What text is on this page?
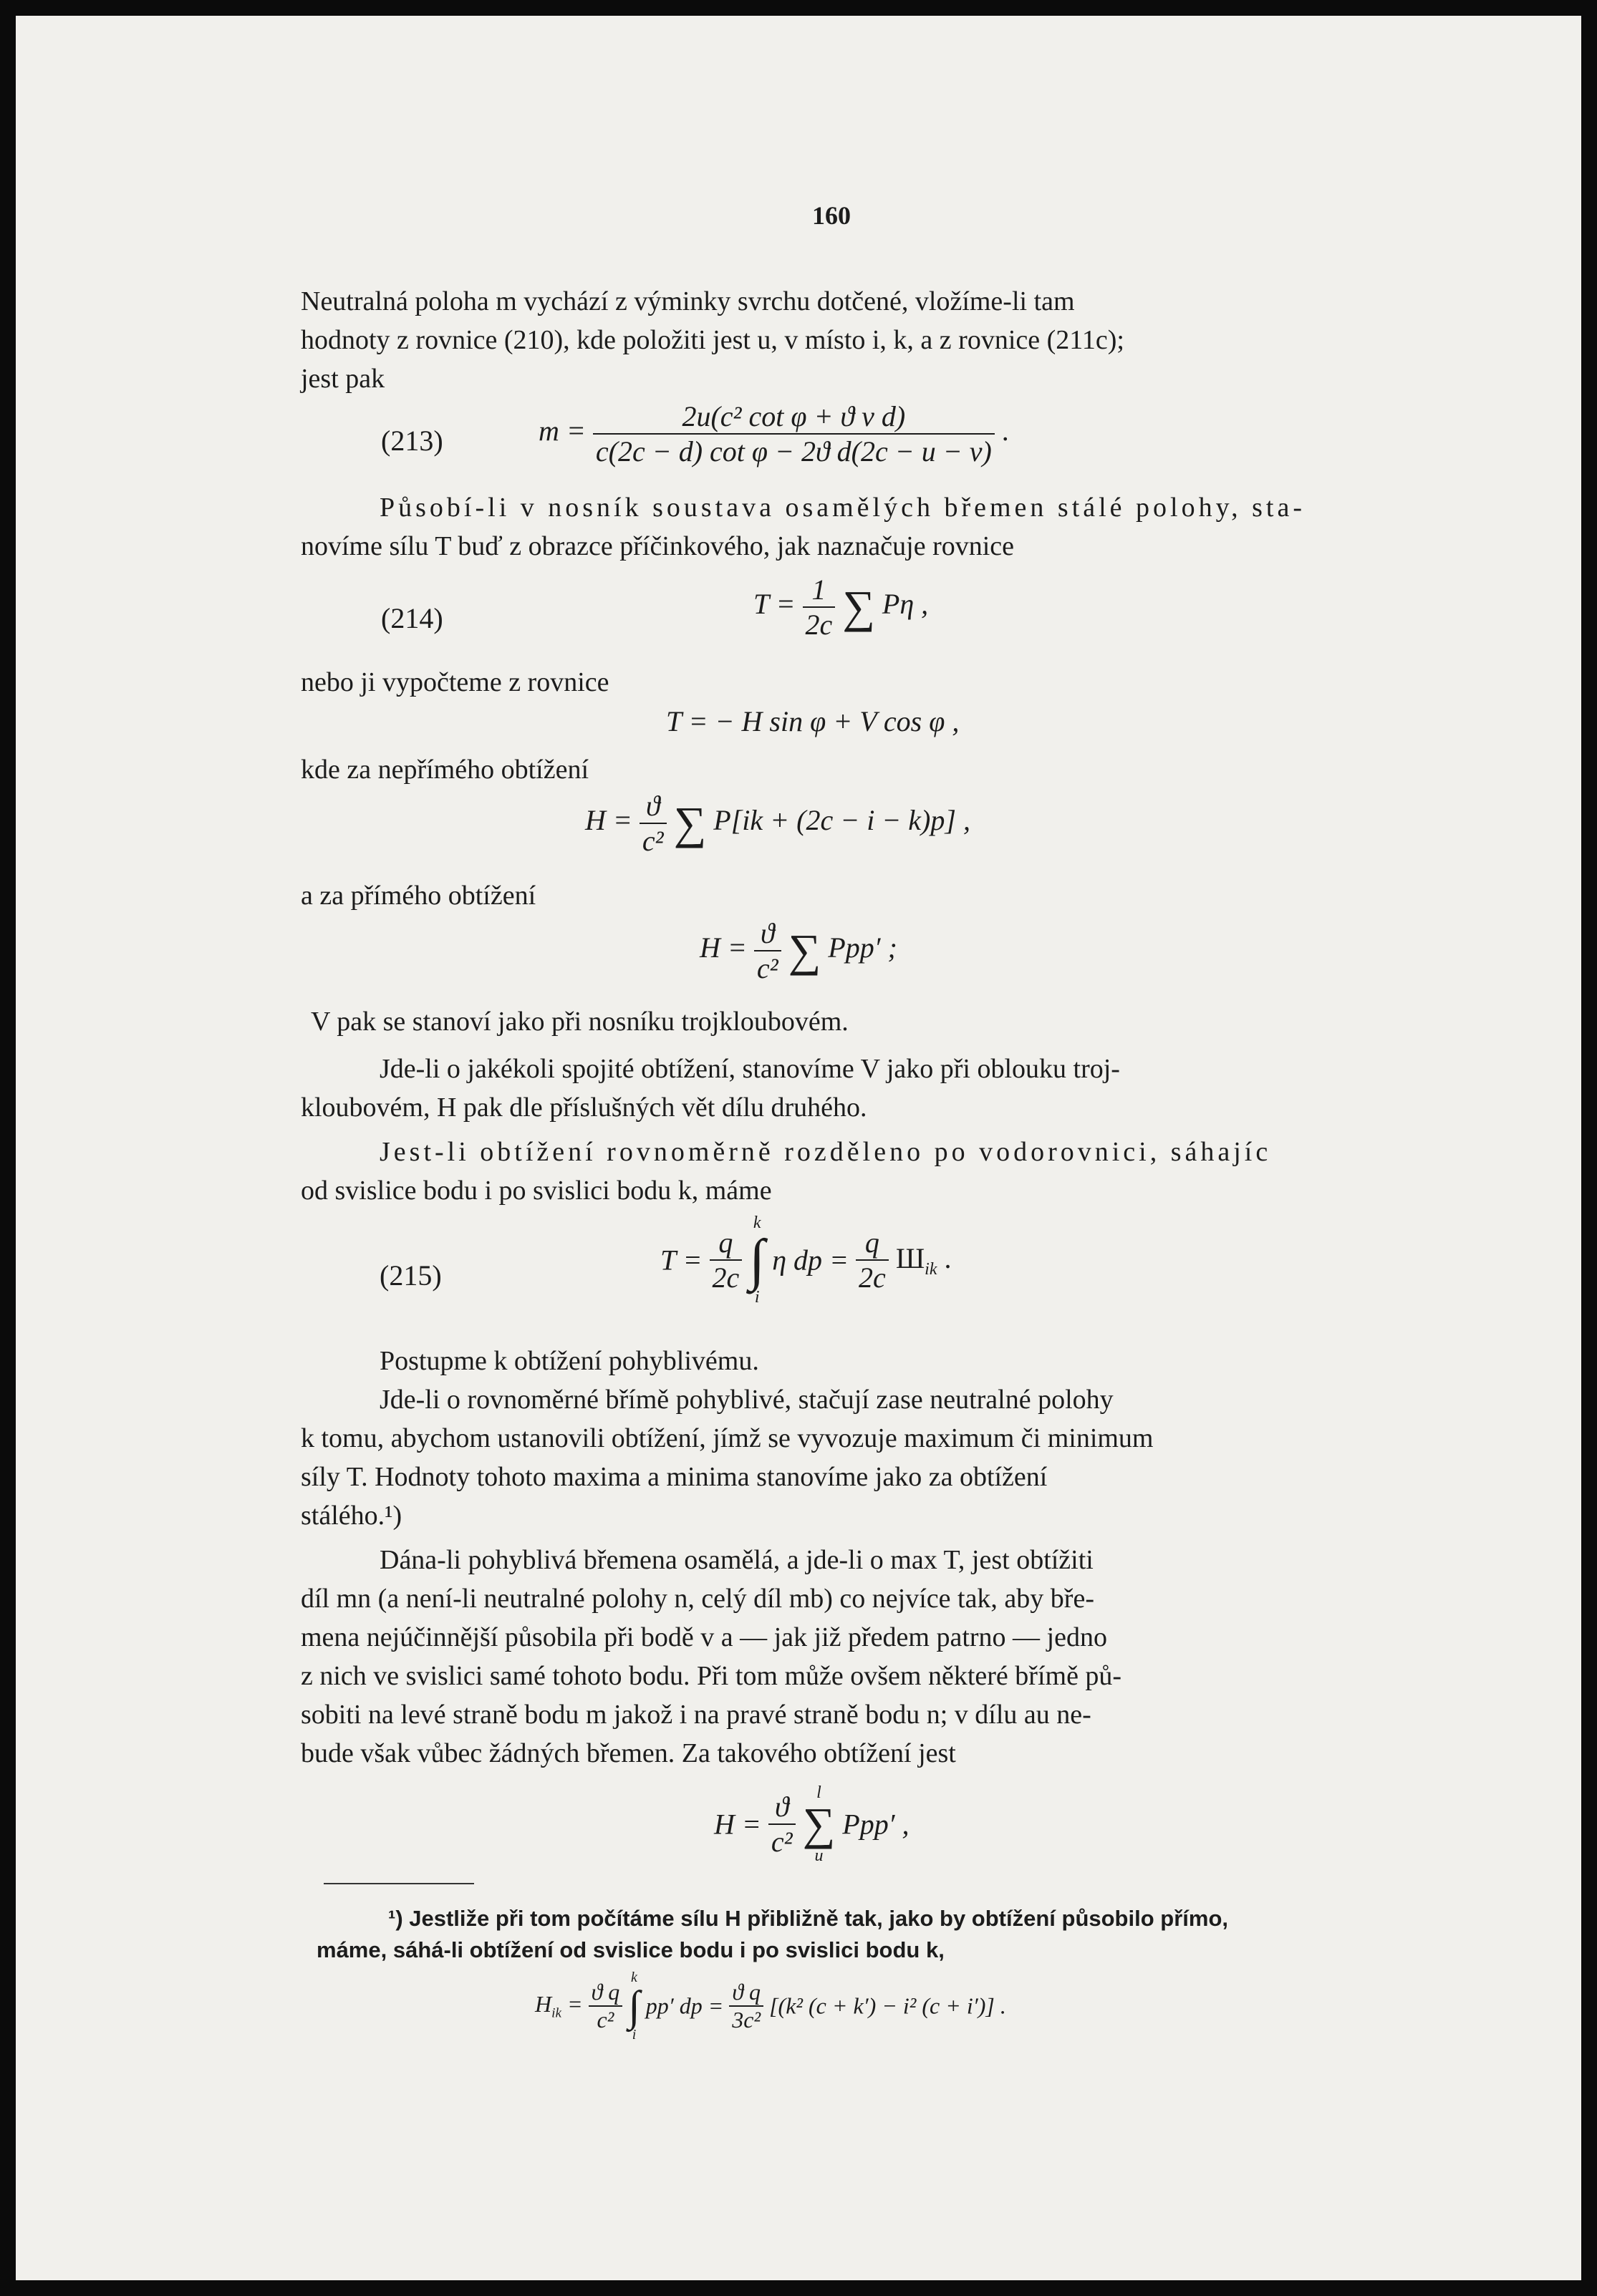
160
Neutralná poloha m vychází z výminky svrchu dotčené, vložíme-li tam
hodnoty z rovnice (210), kde položiti jest u, v místo i, k, a z rovnice (211c);
jest pak
(213)	$m = \frac{\text{2u(c² cot φ + ϑ v d)}}{\text{c(2c − d) cot φ − 2ϑ d(2c − u − v)}}$ .
Působí-li v nosník soustava osamělých břemen stálé polohy, sta-
novíme sílu T buď z obrazce příčinkového, jak naznačuje rovnice
(214)	$T = \frac{1}{2c}$ ∑ Pη ,
nebo ji vypočteme z rovnice
T = − H sin φ + V cos φ ,
kde za nepřímého obtížení
$H = \frac{ϑ}{\text{c²}}$ ∑ P[ik + (2c − i − k)p] ,
a za přímého obtížení
$H = \frac{ϑ}{\text{c²}}$ ∑ Ppp′ ;
V pak se stanoví jako při nosníku trojkloubovém.
Jde-li o jakékoli spojité obtížení, stanovíme V jako při oblouku troj-
kloubovém, H pak dle příslušných vět dílu druhého.
Jest-li obtížení rovnoměrně rozděleno po vodorovnici, sáhajíc
od svislice bodu i po svislici bodu k, máme
(215)	$T = \frac{q}{2c}$

k
∫
i
η dp = $\frac{q}{2c} Ш_{ik}$ .
Postupme k obtížení pohyblivému.
Jde-li o rovnoměrné břímě pohyblivé, stačují zase neutralné polohy
k tomu, abychom ustanovili obtížení, jímž se vyvozuje maximum či minimum
síly T. Hodnoty tohoto maxima a minima stanovíme jako za obtížení
stálého.¹)
Dána-li pohyblivá břemena osamělá, a jde-li o max T, jest obtížiti
díl mn (a není-li neutralné polohy n, celý díl mb) co nejvíce tak, aby bře-
mena nejúčinnější působila při bodě v a — jak již předem patrno — jedno
z nich ve svislici samé tohoto bodu. Při tom může ovšem některé břímě pů-
sobiti na levé straně bodu m jakož i na pravé straně bodu n; v dílu au ne-
bude však vůbec žádných břemen. Za takového obtížení jest
$H = \frac{ϑ}{\text{c²}}$
	l
∑
u
Ppp′ ,
¹) Jestliže při tom počítáme sílu H přibližně tak, jako by obtížení působilo přímo,
máme, sáhá-li obtížení od svislice bodu i po svislici bodu k,
$H_{ik} = \frac{\text{ϑ q}}{\text{c²}}$

k
∫
i
pp′ dp = $\frac{\text{ϑ q}}{\text{3c²}} [(k^2$ (c + k′) − i² (c + i′)] .
